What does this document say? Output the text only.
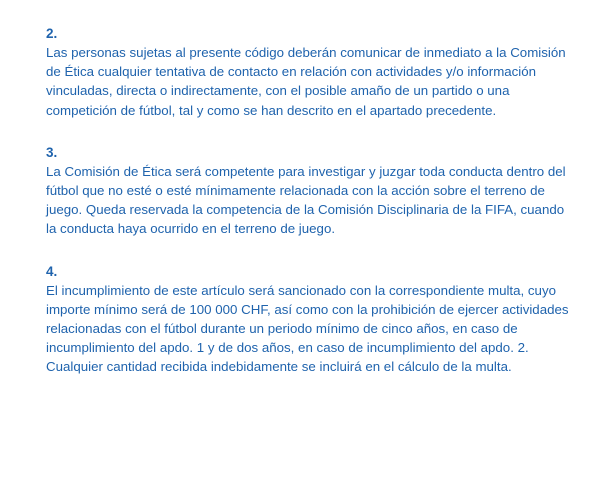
2.

Las personas sujetas al presente código deberán comunicar de inmediato a la Comisión de Ética cualquier tentativa de contacto en relación con actividades y/o información vinculadas, directa o indirectamente, con el posible amaño de un partido o una competición de fútbol, tal y como se han descrito en el apartado precedente.

3.

La Comisión de Ética será competente para investigar y juzgar toda conducta dentro del fútbol que no esté o esté mínimamente relacionada con la acción sobre el terreno de juego. Queda reservada la competencia de la Comisión Disciplinaria de la FIFA, cuando la conducta haya ocurrido en el terreno de juego.

4.

El incumplimiento de este artículo será sancionado con la correspondiente multa, cuyo importe mínimo será de 100 000 CHF, así como con la prohibición de ejercer actividades relacionadas con el fútbol durante un periodo mínimo de cinco años, en caso de incumplimiento del apdo. 1 y de dos años, en caso de incumplimiento del apdo. 2. Cualquier cantidad recibida indebidamente se incluirá en el cálculo de la multa.
